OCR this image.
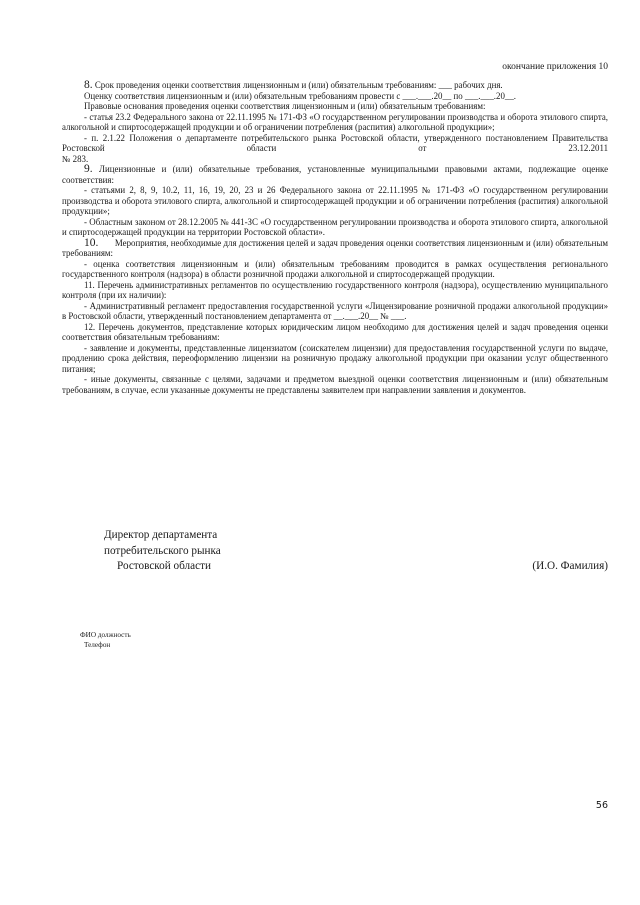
окончание приложения 10

8. Срок проведения оценки соответствия лицензионным и (или) обязательным требованиям: ___ рабочих дня.

Оценку соответствия лицензионным и (или) обязательным требованиям провести с ___.___.20__ по ___.___.20__.

Правовые основания проведения оценки соответствия лицензионным и (или) обязательным требованиям:

- статья 23.2 Федерального закона от 22.11.1995 № 171-ФЗ «О государственном регулировании производства и оборота этилового спирта, алкогольной и спиртосодержащей продукции и об ограничении потребления (распития) алкогольной продукции»;

- п. 2.1.22 Положения о департаменте потребительского рынка Ростовской области, утвержденного постановлением Правительства Ростовской области от 23.12.2011

№ 283.

9. Лицензионные и (или) обязательные требования, установленные муниципальными правовыми актами, подлежащие оценке соответствия:

- статьями 2, 8, 9, 10.2, 11, 16, 19, 20, 23 и 26 Федерального закона от 22.11.1995 № 171-ФЗ «О государственном регулировании производства и оборота этилового спирта, алкогольной и спиртосодержащей продукции и об ограничении потребления (распития) алкогольной продукции»;

- Областным законом от 28.12.2005 № 441-ЗС «О государственном регулировании производства и оборота этилового спирта, алкогольной и спиртосодержащей продукции на территории Ростовской области».

10. Мероприятия, необходимые для достижения целей и задач проведения оценки соответствия лицензионным и (или) обязательным требованиям:

- оценка соответствия лицензионным и (или) обязательным требованиям проводится в рамках осуществления регионального государственного контроля (надзора) в области розничной продажи алкогольной и спиртосодержащей продукции.

11. Перечень административных регламентов по осуществлению государственного контроля (надзора), осуществлению муниципального контроля (при их наличии):

- Административный регламент предоставления государственной услуги «Лицензирование розничной продажи алкогольной продукции» в Ростовской области, утвержденный постановлением департамента от __.___.20__ № ___.

12. Перечень документов, представление которых юридическим лицом необходимо для достижения целей и задач проведения оценки соответствия обязательным требованиям:

- заявление и документы, представленные лицензиатом (соискателем лицензии) для предоставления государственной услуги по выдаче, продлению срока действия, переоформлению лицензии на розничную продажу алкогольной продукции при оказании услуг общественного питания;

- иные документы, связанные с целями, задачами и предметом выездной оценки соответствия лицензионным и (или) обязательным требованиям, в случае, если указанные документы не представлены заявителем при направлении заявления и документов.

Директор департамента
потребительского рынка
Ростовской области	(И.О. Фамилия)
ФИО должность
Телефон
56
